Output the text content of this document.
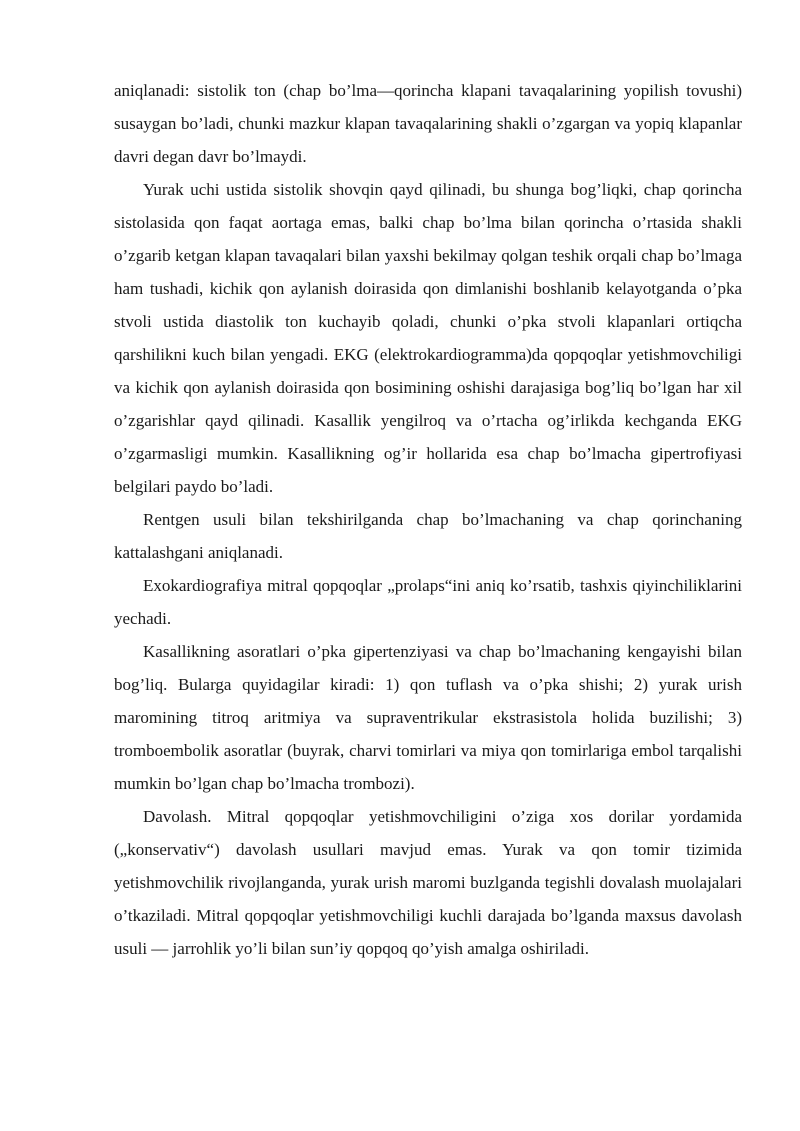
aniqlanadi: sistolik ton (chap bo’lma—qorincha klapani tavaqalarining yopilish tovushi) susaygan bo’ladi, chunki mazkur klapan tavaqalarining shakli o’zgargan va yopiq klapanlar davri degan davr bo’lmaydi.

Yurak uchi ustida sistolik shovqin qayd qilinadi, bu shunga bog’liqki, chap qorincha sistolasida qon faqat aortaga emas, balki chap bo’lma bilan qorincha o’rtasida shakli o’zgarib ketgan klapan tavaqalari bilan yaxshi bekilmay qolgan teshik orqali chap bo’lmaga ham tushadi, kichik qon aylanish doirasida qon dimlanishi boshlanib kelayotganda o’pka stvoli ustida diastolik ton kuchayib qoladi, chunki o’pka stvoli klapanlari ortiqcha qarshilikni kuch bilan yengadi. EKG (elektrokardiogramma)da qopqoqlar yetishmovchiligi va kichik qon aylanish doirasida qon bosimining oshishi darajasiga bog’liq bo’lgan har xil o’zgarishlar qayd qilinadi. Kasallik yengilroq va o’rtacha og’irlikda kechganda EKG o’zgarmasligi mumkin. Kasallikning og’ir hollarida esa chap bo’lmacha gipertrofiyasi belgilari paydo bo’ladi.

Rentgen usuli bilan tekshirilganda chap bo’lmachaning va chap qorinchaning kattalashgani aniqlanadi.

Exokardiografiya mitral qopqoqlar „prolaps“ini aniq ko’rsatib, tashxis qiyinchiliklarini yechadi.

Kasallikning asoratlari o’pka gipertenziyasi va chap bo’lmachaning kengayishi bilan bog’liq. Bularga quyidagilar kiradi: 1) qon tuflash va o’pka shishi; 2) yurak urish maromining titroq aritmiya va supraventrikular ekstrasistola holida buzilishi; 3) tromboembolik asoratlar (buyrak, charvi tomirlari va miya qon tomirlariga embol tarqalishi mumkin bo’lgan chap bo’lmacha trombozi).

Davolash. Mitral qopqoqlar yetishmovchiligini o’ziga xos dorilar yordamida („konservativ“) davolash usullari mavjud emas. Yurak va qon tomir tizimida yetishmovchilik rivojlanganda, yurak urish maromi buzlganda tegishli dovalash muolajalari o’tkaziladi. Mitral qopqoqlar yetishmovchiligi kuchli darajada bo’lganda maxsus davolash usuli — jarrohlik yo’li bilan sun’iy qopqoq qo’yish amalga oshiriladi.
